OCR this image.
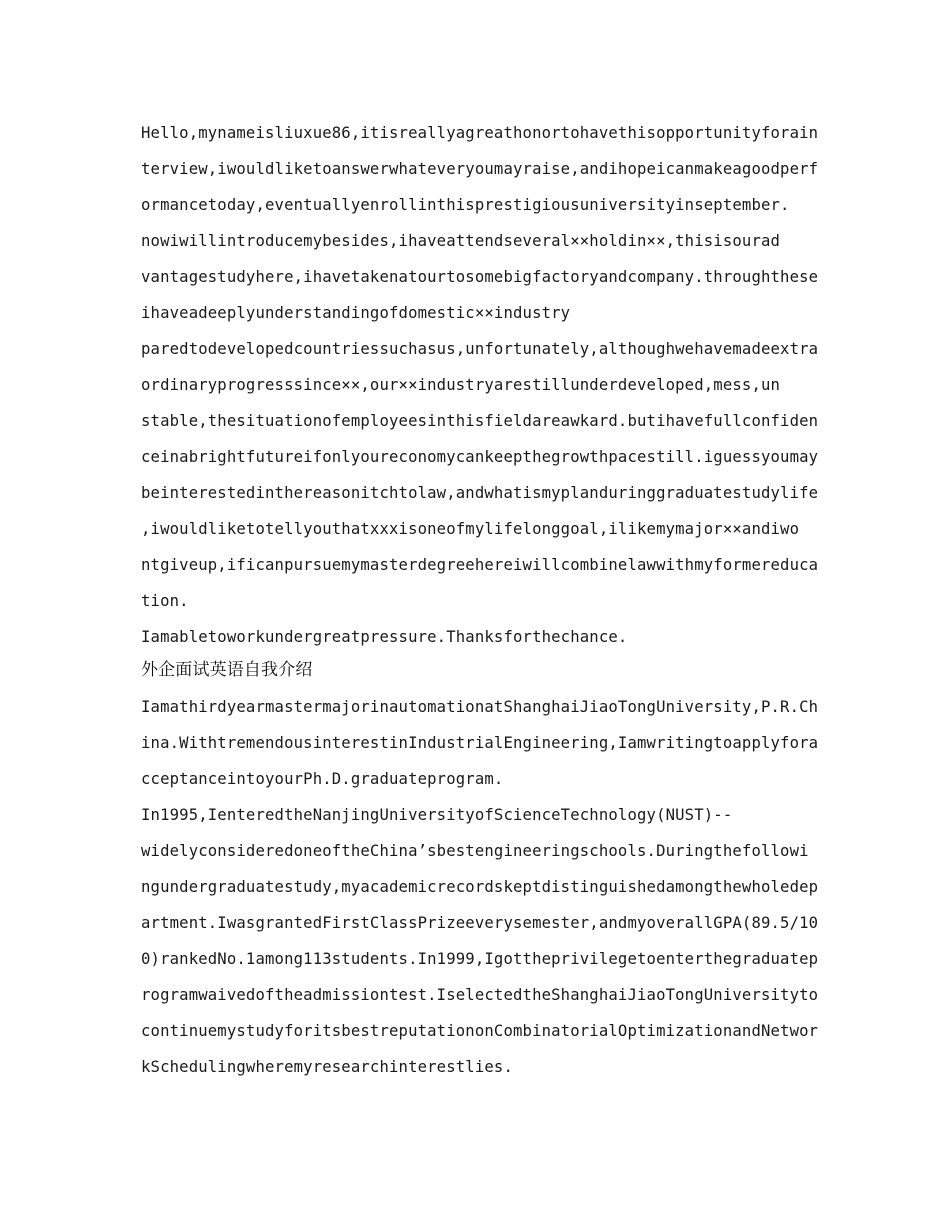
Hello,mynameisliuxue86,itisreallyagreathonortohavethisopportunityforain
terview,iwouldliketoanswerwhateveryoumayraise,andihopeicanmakeagoodperf
ormancetoday,eventuallyenrollinthisprestigiousuniversityinseptember.
nowiwillintroducemybesides,ihaveattendseveral××holdin××,thisisourad
vantagestudyhere,ihavetakenatourtosomebigfactoryandcompany.throughthese
ihaveadeeplyunderstandingofdomestic××industry
paredtodevelopedcountriessuchasus,unfortunately,althoughwehavemadeextra
ordinaryprogresssince××,our××industryarestillunderdeveloped,mess,un
stable,thesituationofemployeesinthisfieldareawkard.butihavefullconfiden
ceinabrightfutureifonlyoureconomycankeepthegrowthpacestill.iguessyoumay
beinterestedinthereasonitchtolaw,andwhatismyplanduringgraduatestudylife
,iwouldliketotellyouthatxxxisoneofmylifelonggoal,ilikemymajor××andiwo
ntgiveup,ificanpursuemymasterdegreehereiwillcombinelawwithmyformereduca
tion.
Iamabletoworkundergreatpressure.Thanksforthechance.
外企面试英语自我介绍
IamathirdyearmastermajorinautomationatShanghaiJiaoTongUniversity,P.R.Ch
ina.WithtremendousinterestinIndustrialEngineering,Iamwritingtoapplyfora
cceptanceintoyourPh.D.graduateprogram.
In1995,IenteredtheNanjingUniversityofScienceTechnology(NUST)--
widelyconsideredoneoftheChina’sbestengineeringschools.Duringthefollowi
ngundergraduatestudy,myacademicrecordskeptdistinguishedamongthewholedep
artment.IwasgrantedFirstClassPrizeeverysemester,andmyoverallGPA(89.5/10
0)rankedNo.1among113students.In1999,Igottheprivilegetoenterthegraduatep
rogramwaivedoftheadmissiontest.IselectedtheShanghaiJiaoTongUniversityto
continuemystudyforitsbestreputationonCombinatorialOptimizationandNetwor
kSchedulingwheremyresearchinterestlies.
